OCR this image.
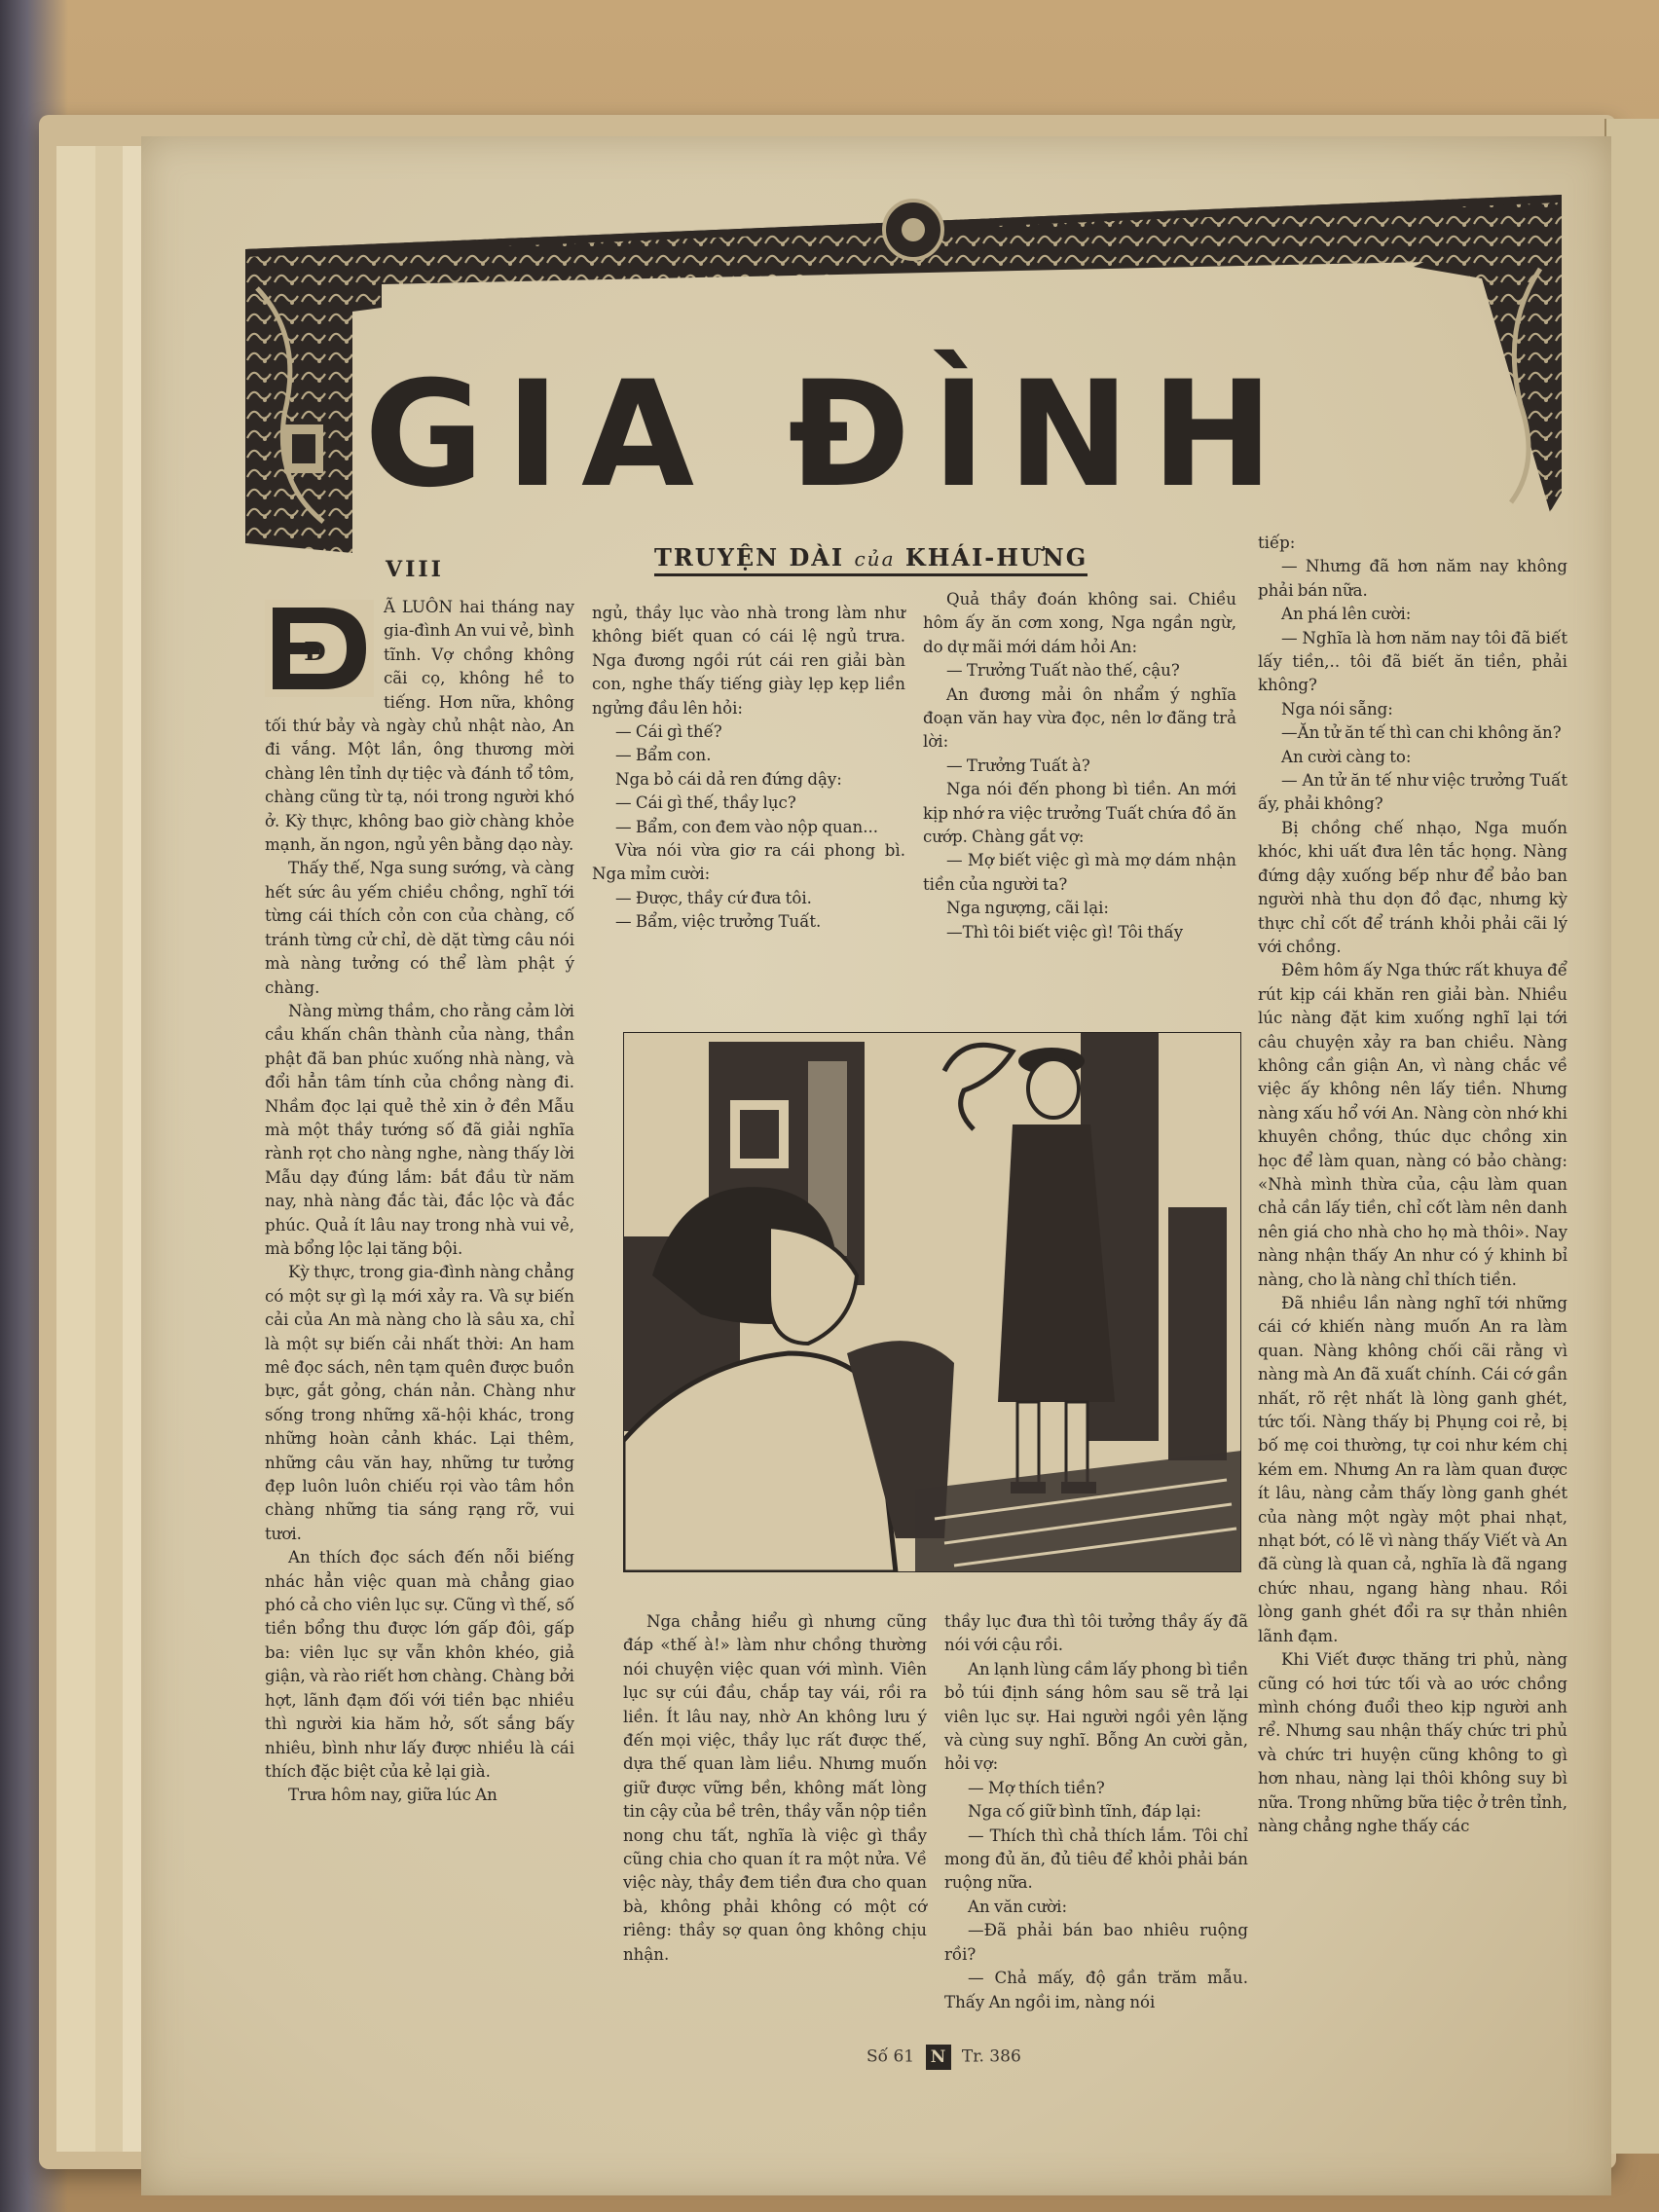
GIA ĐÌNH
VIII	TRUYỆN DÀI của KHÁI-HƯNG
Đ

Ã LUÔN hai tháng nay gia-đình An vui vẻ, bình tĩnh. Vợ chồng không cãi cọ, không hề to tiếng. Hơn nữa, không tối thứ bảy và ngày chủ nhật nào, An đi vắng. Một lần, ông thương mời chàng lên tỉnh dự tiệc và đánh tổ tôm, chàng cũng từ tạ, nói trong người khó ở. Kỳ thực, không bao giờ chàng khỏe mạnh, ăn ngon, ngủ yên bằng dạo này.

Thấy thế, Nga sung sướng, và càng hết sức âu yếm chiều chồng, nghĩ tới từng cái thích cỏn con của chàng, cố tránh từng cử chỉ, dè dặt từng câu nói mà nàng tưởng có thể làm phật ý chàng.

Nàng mừng thầm, cho rằng cảm lời cầu khấn chân thành của nàng, thần phật đã ban phúc xuống nhà nàng, và đổi hẳn tâm tính của chồng nàng đi. Nhầm đọc lại quẻ thẻ xin ở đền Mẫu mà một thầy tướng số đã giải nghĩa rành rọt cho nàng nghe, nàng thấy lời Mẫu dạy đúng lắm: bắt đầu từ năm nay, nhà nàng đắc tài, đắc lộc và đắc phúc. Quả ít lâu nay trong nhà vui vẻ, mà bổng lộc lại tăng bội.

Kỳ thực, trong gia-đình nàng chẳng có một sự gì lạ mới xảy ra. Và sự biến cải của An mà nàng cho là sâu xa, chỉ là một sự biến cải nhất thời: An ham mê đọc sách, nên tạm quên được buồn bực, gắt gỏng, chán nản. Chàng như sống trong những xã-hội khác, trong những hoàn cảnh khác. Lại thêm, những câu văn hay, những tư tưởng đẹp luôn luôn chiếu rọi vào tâm hồn chàng những tia sáng rạng rỡ, vui tươi.

An thích đọc sách đến nỗi biếng nhác hẳn việc quan mà chẳng giao phó cả cho viên lục sự. Cũng vì thế, số tiền bổng thu được lớn gấp đôi, gấp ba: viên lục sự vẫn khôn khéo, giả giận, và rào riết hơn chàng. Chàng bởi hợt, lãnh đạm đối với tiền bạc nhiều thì người kia hăm hở, sốt sắng bấy nhiêu, bình như lấy được nhiều là cái thích đặc biệt của kẻ lại già.

Trưa hôm nay, giữa lúc An

ngủ, thầy lục vào nhà trong làm như không biết quan có cái lệ ngủ trưa. Nga đương ngồi rút cái ren giải bàn con, nghe thấy tiếng giày lẹp kẹp liền ngửng đầu lên hỏi:

— Cái gì thế?

— Bẩm con.

Nga bỏ cái dả ren đứng dậy:

— Cái gì thế, thầy lục?

— Bẩm, con đem vào nộp quan...

Vừa nói vừa giơ ra cái phong bì. Nga mỉm cười:

— Được, thầy cứ đưa tôi.

— Bẩm, việc trưởng Tuất.

Quả thầy đoán không sai. Chiều hôm ấy ăn cơm xong, Nga ngần ngừ, do dự mãi mới dám hỏi An:

— Trưởng Tuất nào thế, cậu?

An đương mải ôn nhẩm ý nghĩa đoạn văn hay vừa đọc, nên lơ đãng trả lời:

— Trưởng Tuất à?

Nga nói đến phong bì tiền. An mới kịp nhớ ra việc trưởng Tuất chứa đồ ăn cướp. Chàng gắt vợ:

— Mợ biết việc gì mà mợ dám nhận tiền của người ta?

Nga ngượng, cãi lại:

—Thì tôi biết việc gì! Tôi thấy

tiếp:

— Nhưng đã hơn năm nay không phải bán nữa.

An phá lên cười:

— Nghĩa là hơn năm nay tôi đã biết lấy tiền,.. tôi đã biết ăn tiền, phải không?

Nga nói sẵng:

—Ăn tử ăn tế thì can chi không ăn?

An cười càng to:

— An tử ăn tế như việc trưởng Tuất ấy, phải không?

Bị chồng chế nhạo, Nga muốn khóc, khi uất đưa lên tắc họng. Nàng đứng dậy xuống bếp như để bảo ban người nhà thu dọn đồ đạc, nhưng kỳ thực chỉ cốt để tránh khỏi phải cãi lý với chồng.

Đêm hôm ấy Nga thức rất khuya để rút kịp cái khăn ren giải bàn. Nhiều lúc nàng đặt kim xuống nghĩ lại tới câu chuyện xảy ra ban chiều. Nàng không cần giận An, vì nàng chắc về việc ấy không nên lấy tiền. Nhưng nàng xấu hổ với An. Nàng còn nhớ khi khuyên chồng, thúc dục chồng xin học để làm quan, nàng có bảo chàng: «Nhà mình thừa của, cậu làm quan chả cần lấy tiền, chỉ cốt làm nên danh nên giá cho nhà cho họ mà thôi». Nay nàng nhận thấy An như có ý khinh bỉ nàng, cho là nàng chỉ thích tiền.

Đã nhiều lần nàng nghĩ tới những cái cớ khiến nàng muốn An ra làm quan. Nàng không chối cãi rằng vì nàng mà An đã xuất chính. Cái cớ gần nhất, rõ rệt nhất là lòng ganh ghét, tức tối. Nàng thấy bị Phụng coi rẻ, bị bố mẹ coi thường, tự coi như kém chị kém em. Nhưng An ra làm quan được ít lâu, nàng cảm thấy lòng ganh ghét của nàng một ngày một phai nhạt, nhạt bớt, có lẽ vì nàng thấy Viết và An đã cùng là quan cả, nghĩa là đã ngang chức nhau, ngang hàng nhau. Rồi lòng ganh ghét đổi ra sự thản nhiên lãnh đạm.

Khi Viết được thăng tri phủ, nàng cũng có hơi tức tối và ao ước chồng mình chóng đuổi theo kịp người anh rể. Nhưng sau nhận thấy chức tri phủ và chức tri huyện cũng không to gì hơn nhau, nàng lại thôi không suy bì nữa. Trong những bữa tiệc ở trên tỉnh, nàng chẳng nghe thấy các

Nga chẳng hiểu gì nhưng cũng đáp «thế à!» làm như chồng thường nói chuyện việc quan với mình. Viên lục sự cúi đầu, chắp tay vái, rồi ra liền. Ít lâu nay, nhờ An không lưu ý đến mọi việc, thầy lục rất được thế, dựa thế quan làm liều. Nhưng muốn giữ được vững bền, không mất lòng tin cậy của bề trên, thầy vẫn nộp tiền nong chu tất, nghĩa là việc gì thầy cũng chia cho quan ít ra một nửa. Về việc này, thầy đem tiền đưa cho quan bà, không phải không có một cớ riêng: thầy sợ quan ông không chịu nhận.

thầy lục đưa thì tôi tưởng thầy ấy đã nói với cậu rồi.

An lạnh lùng cầm lấy phong bì tiền bỏ túi định sáng hôm sau sẽ trả lại viên lục sự. Hai người ngồi yên lặng và cùng suy nghĩ. Bỗng An cười gằn, hỏi vợ:

— Mợ thích tiền?

Nga cố giữ bình tĩnh, đáp lại:

— Thích thì chả thích lắm. Tôi chỉ mong đủ ăn, đủ tiêu để khỏi phải bán ruộng nữa.

An văn cười:

—Đã phải bán bao nhiêu ruộng rồi?

— Chả mấy, độ gần trăm mẫu. Thấy An ngồi im, nàng nói

Số 61 N Tr. 386
